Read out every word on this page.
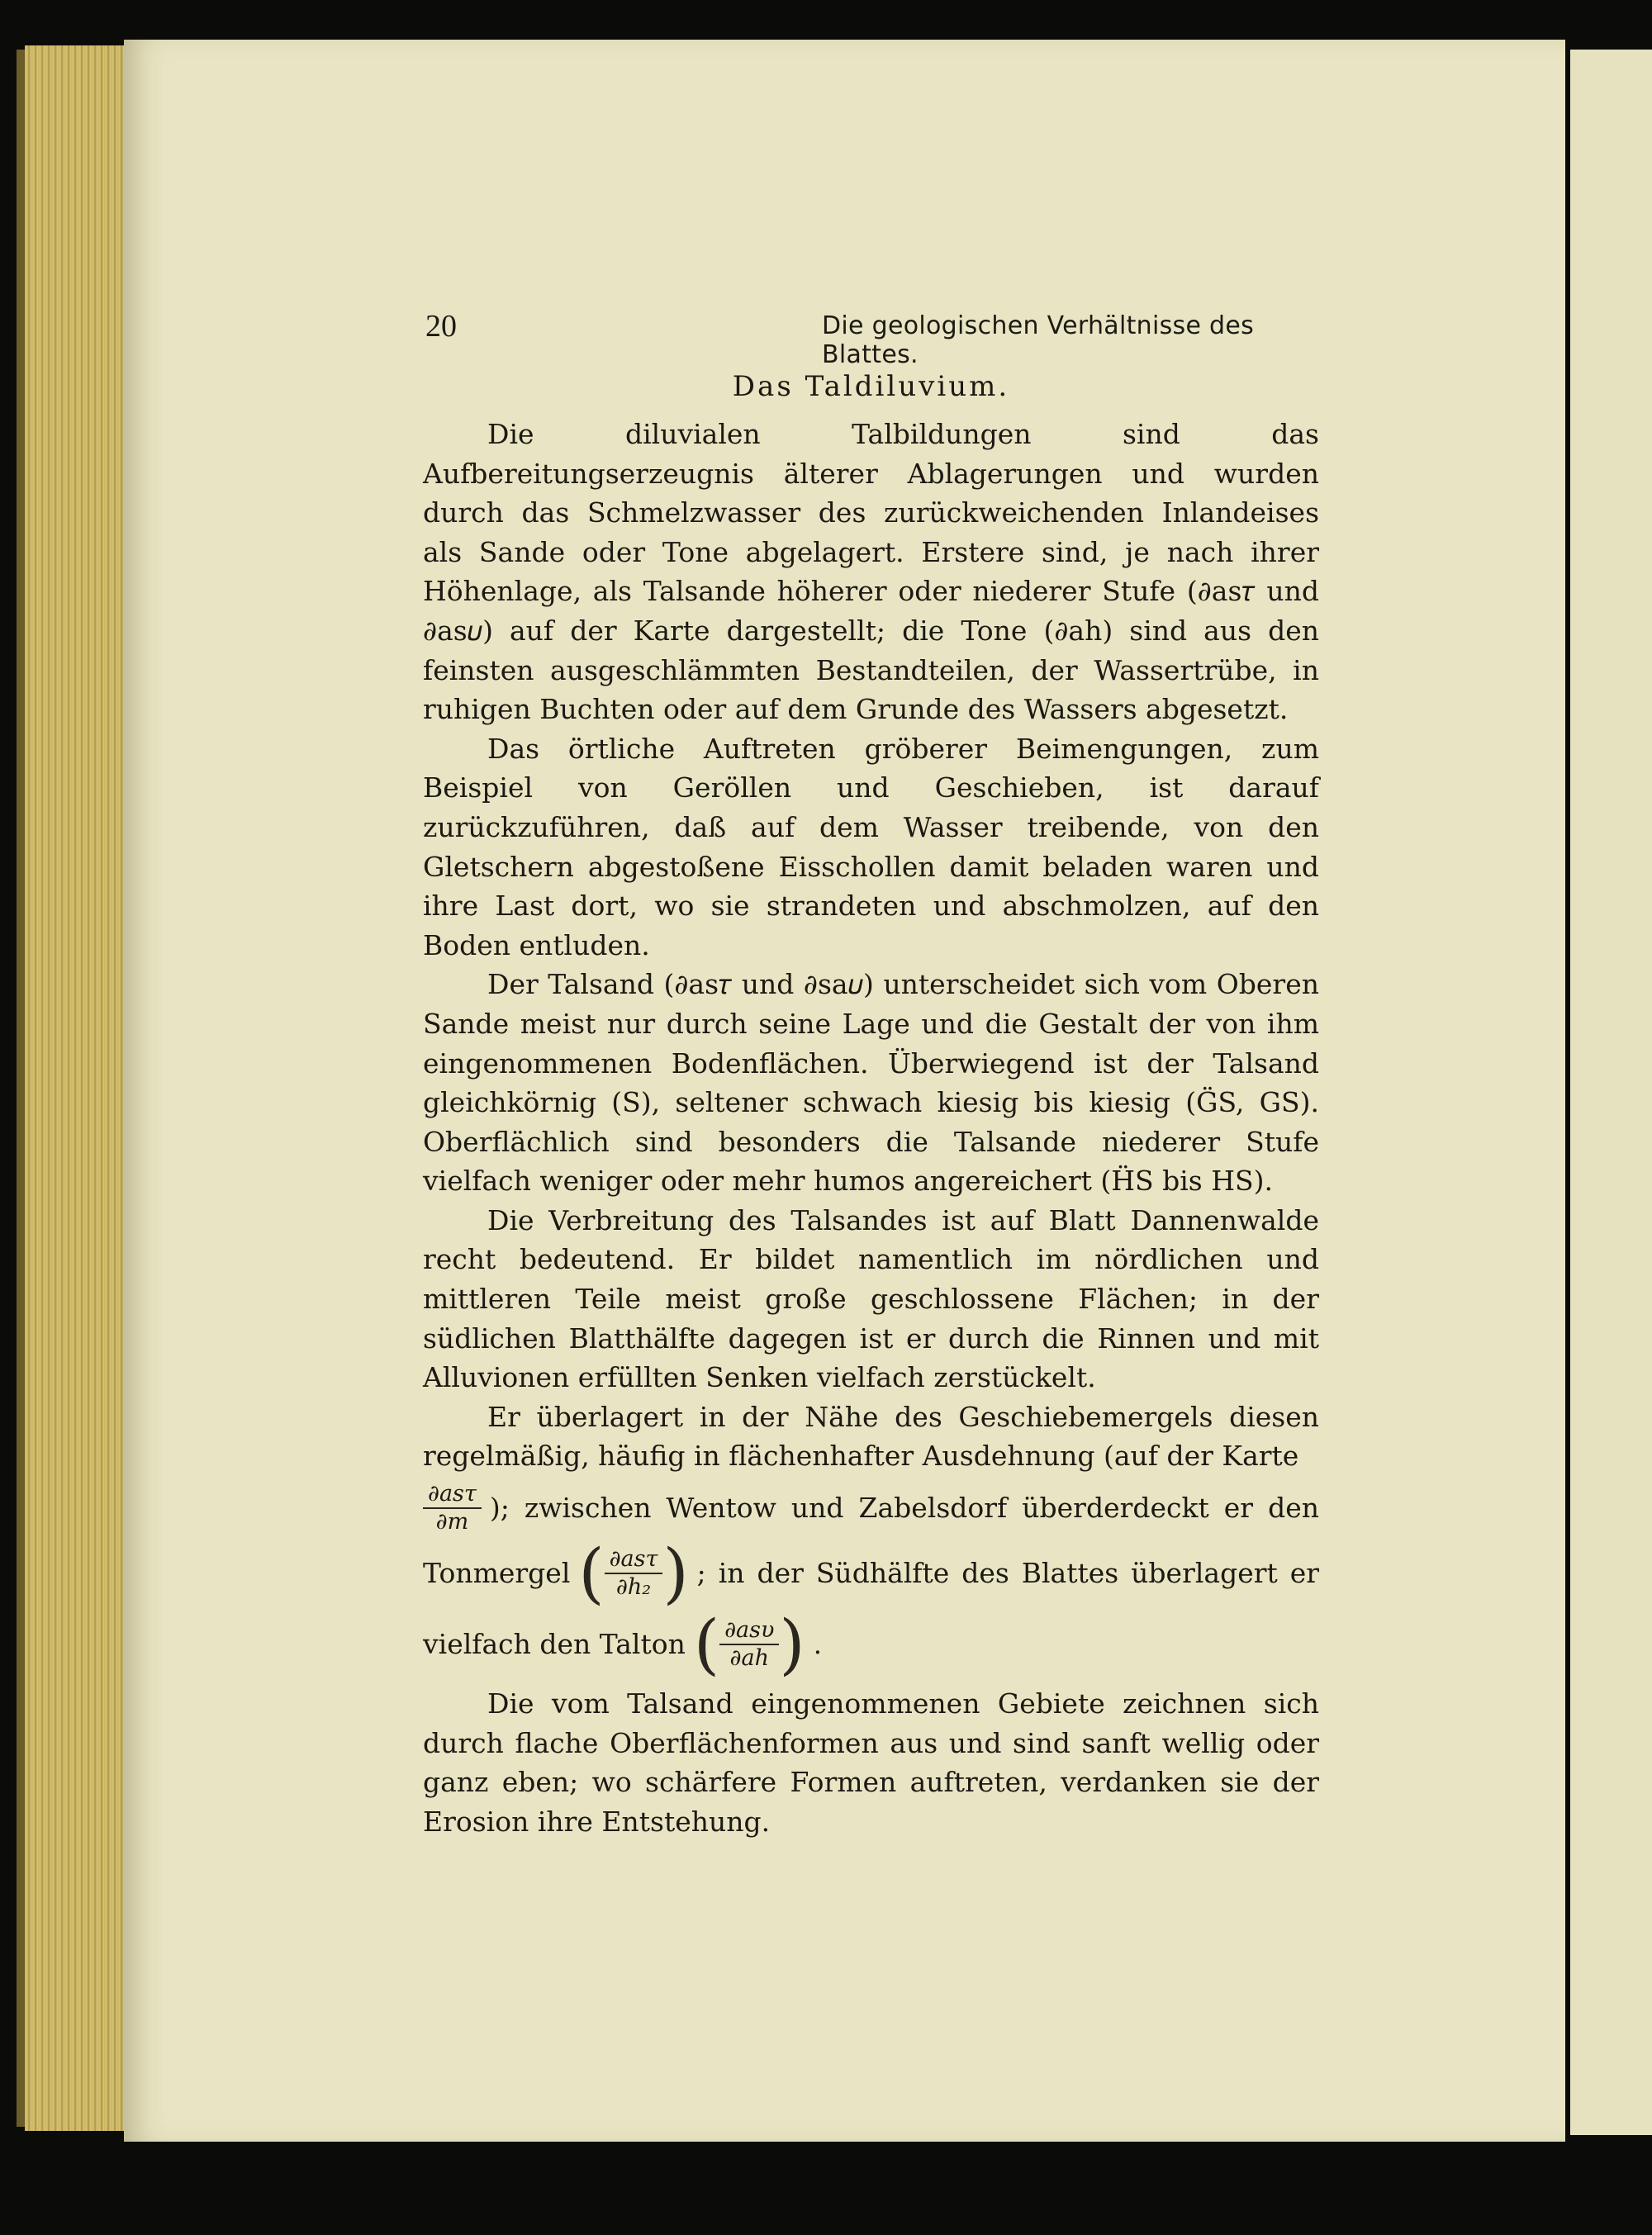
20	Die geologischen Verhältnisse des Blattes.
Das Taldiluvium.

Die diluvialen Talbildungen sind das Aufbereitungserzeugnis älterer Ablagerungen und wurden durch das Schmelzwasser des zurückweichenden Inlandeises als Sande oder Tone abgelagert. Erstere sind, je nach ihrer Höhenlage, als Talsande höherer oder niederer Stufe (∂as𝜏 und ∂as𝜐) auf der Karte dargestellt; die Tone (∂ah) sind aus den feinsten ausgeschlämmten Bestandteilen, der Wassertrübe, in ruhigen Buchten oder auf dem Grunde des Wassers abgesetzt.

Das örtliche Auftreten gröberer Beimengungen, zum Beispiel von Geröllen und Geschieben, ist darauf zurückzuführen, daß auf dem Wasser treibende, von den Gletschern abgestoßene Eisschollen damit beladen waren und ihre Last dort, wo sie strandeten und abschmolzen, auf den Boden entluden.

Der Talsand (∂as𝜏 und ∂sa𝜐) unterscheidet sich vom Oberen Sande meist nur durch seine Lage und die Gestalt der von ihm eingenommenen Bodenflächen. Überwiegend ist der Talsand gleichkörnig (S), seltener schwach kiesig bis kiesig (G̈S, GS). Oberflächlich sind besonders die Talsande niederer Stufe vielfach weniger oder mehr humos angereichert (ḦS bis HS).

Die Verbreitung des Talsandes ist auf Blatt Dannenwalde recht bedeutend. Er bildet namentlich im nördlichen und mittleren Teile meist große geschlossene Flächen; in der südlichen Blatthälfte dagegen ist er durch die Rinnen und mit Alluvionen erfüllten Senken vielfach zerstückelt.

Er überlagert in der Nähe des Geschiebemergels diesen regelmäßig, häufig in flächenhafter Ausdehnung (auf der Karte

$\frac{\text{∂as𝜏}}{\partial m}$ ); zwischen Wentow und Zabelsdorf überderdeckt er den
Tonmergel ( $\frac{\text{∂as𝜏}}{\text{∂h₂}}$ ) ; in der Südhälfte des Blattes überlagert er
vielfach den Talton ( $\frac{\text{∂as𝜐}}{\partial ah}$ ) .

Die vom Talsand eingenommenen Gebiete zeichnen sich durch flache Oberflächenformen aus und sind sanft wellig oder ganz eben; wo schärfere Formen auftreten, verdanken sie der Erosion ihre Entstehung.
